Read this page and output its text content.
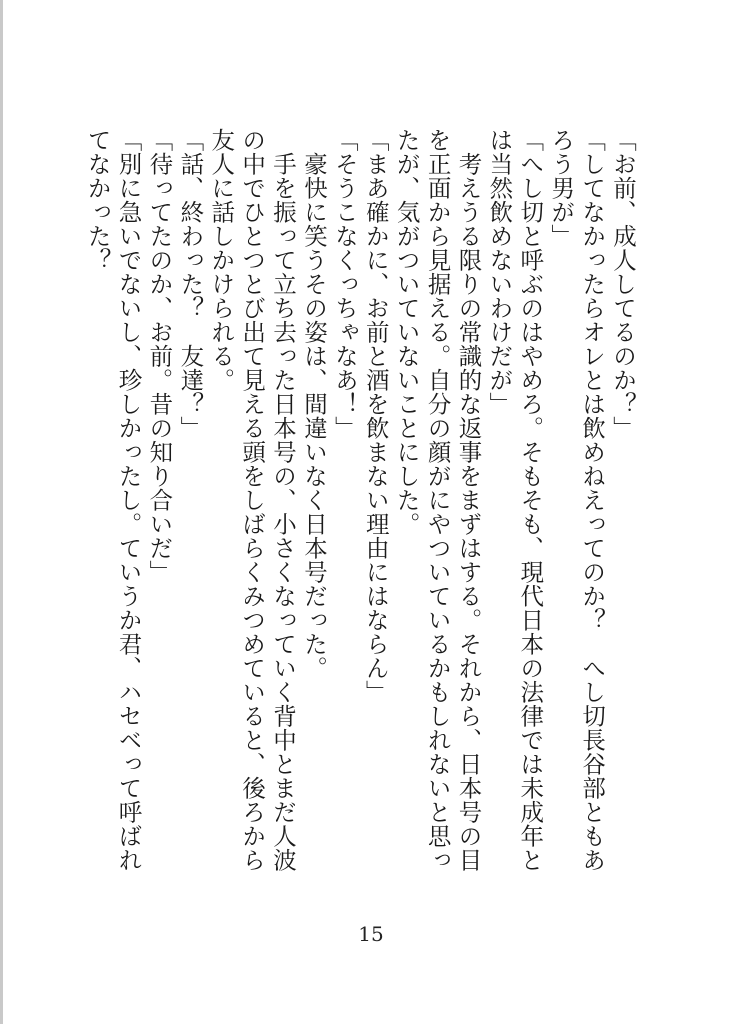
「お前、成人してるのか？」
「してなかったらオレとは飲めねえってのか？　へし切長谷部ともあろう男が」
「へし切と呼ぶのはやめろ。そもそも、現代日本の法律では未成年とは当然飲めないわけだが」
　考えうる限りの常識的な返事をまずはする。それから、日本号の目を正面から見据える。自分の顔がにやついているかもしれないと思ったが、気がついていないことにした。
「まあ確かに、お前と酒を飲まない理由にはならん」
「そうこなくっちゃなあ！」
　豪快に笑うその姿は、間違いなく日本号だった。
　手を振って立ち去った日本号の、小さくなっていく背中とまだ人波の中でひとつとび出て見える頭をしばらくみつめていると、後ろから友人に話しかけられる。
「話、終わった？　友達？」
「待ってたのか、お前。昔の知り合いだ」
「別に急いでないし、珍しかったし。ていうか君、ハセベって呼ばれてなかった？
15
